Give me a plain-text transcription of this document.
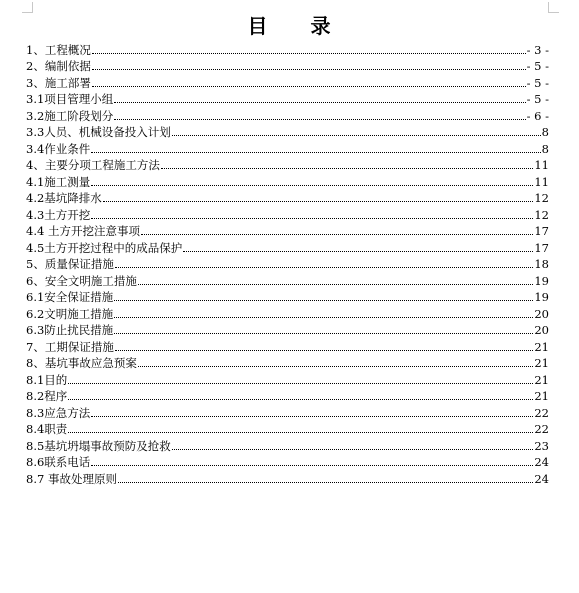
目　　录
1、工程概况	- 3 -
2、编制依据	- 5 -
3、施工部署	- 5 -
3.1项目管理小组	- 5 -
3.2施工阶段划分	- 6 -
3.3人员、机械设备投入计划	8
3.4作业条件	8
4、主要分项工程施工方法	11
4.1施工测量	11
4.2基坑降排水	12
4.3土方开挖	12
4.4 土方开挖注意事项	17
4.5土方开挖过程中的成品保护	17
5、质量保证措施	18
6、安全文明施工措施	19
6.1安全保证措施	19
6.2文明施工措施	20
6.3防止扰民措施	20
7、工期保证措施	21
8、基坑事故应急预案	21
8.1目的	21
8.2程序	21
8.3应急方法	22
8.4职责	22
8.5基坑坍塌事故预防及抢救	23
8.6联系电话	24
8.7 事故处理原则	24
